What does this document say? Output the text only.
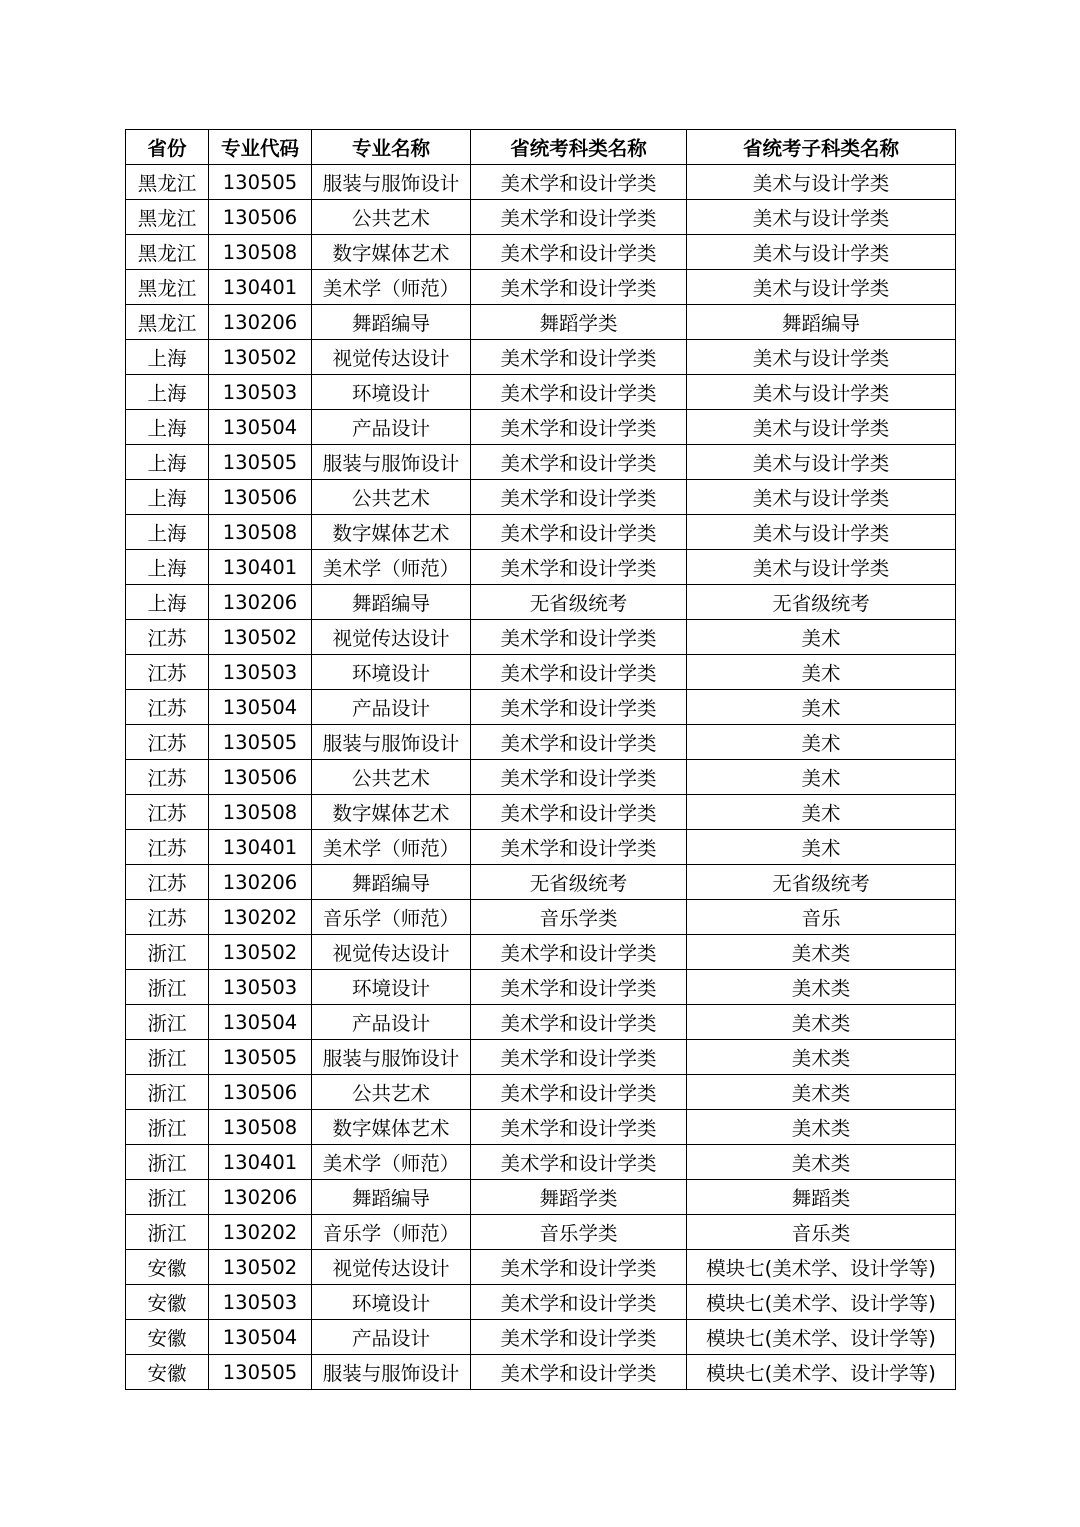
省份	专业代码	专业名称	省统考科类名称	省统考子科类名称
黑龙江	130505	服装与服饰设计	美术学和设计学类	美术与设计学类
黑龙江	130506	公共艺术	美术学和设计学类	美术与设计学类
黑龙江	130508	数字媒体艺术	美术学和设计学类	美术与设计学类
黑龙江	130401	美术学（师范）	美术学和设计学类	美术与设计学类
黑龙江	130206	舞蹈编导	舞蹈学类	舞蹈编导
上海	130502	视觉传达设计	美术学和设计学类	美术与设计学类
上海	130503	环境设计	美术学和设计学类	美术与设计学类
上海	130504	产品设计	美术学和设计学类	美术与设计学类
上海	130505	服装与服饰设计	美术学和设计学类	美术与设计学类
上海	130506	公共艺术	美术学和设计学类	美术与设计学类
上海	130508	数字媒体艺术	美术学和设计学类	美术与设计学类
上海	130401	美术学（师范）	美术学和设计学类	美术与设计学类
上海	130206	舞蹈编导	无省级统考	无省级统考
江苏	130502	视觉传达设计	美术学和设计学类	美术
江苏	130503	环境设计	美术学和设计学类	美术
江苏	130504	产品设计	美术学和设计学类	美术
江苏	130505	服装与服饰设计	美术学和设计学类	美术
江苏	130506	公共艺术	美术学和设计学类	美术
江苏	130508	数字媒体艺术	美术学和设计学类	美术
江苏	130401	美术学（师范）	美术学和设计学类	美术
江苏	130206	舞蹈编导	无省级统考	无省级统考
江苏	130202	音乐学（师范）	音乐学类	音乐
浙江	130502	视觉传达设计	美术学和设计学类	美术类
浙江	130503	环境设计	美术学和设计学类	美术类
浙江	130504	产品设计	美术学和设计学类	美术类
浙江	130505	服装与服饰设计	美术学和设计学类	美术类
浙江	130506	公共艺术	美术学和设计学类	美术类
浙江	130508	数字媒体艺术	美术学和设计学类	美术类
浙江	130401	美术学（师范）	美术学和设计学类	美术类
浙江	130206	舞蹈编导	舞蹈学类	舞蹈类
浙江	130202	音乐学（师范）	音乐学类	音乐类
安徽	130502	视觉传达设计	美术学和设计学类	模块七(美术学、设计学等)
安徽	130503	环境设计	美术学和设计学类	模块七(美术学、设计学等)
安徽	130504	产品设计	美术学和设计学类	模块七(美术学、设计学等)
安徽	130505	服装与服饰设计	美术学和设计学类	模块七(美术学、设计学等)
